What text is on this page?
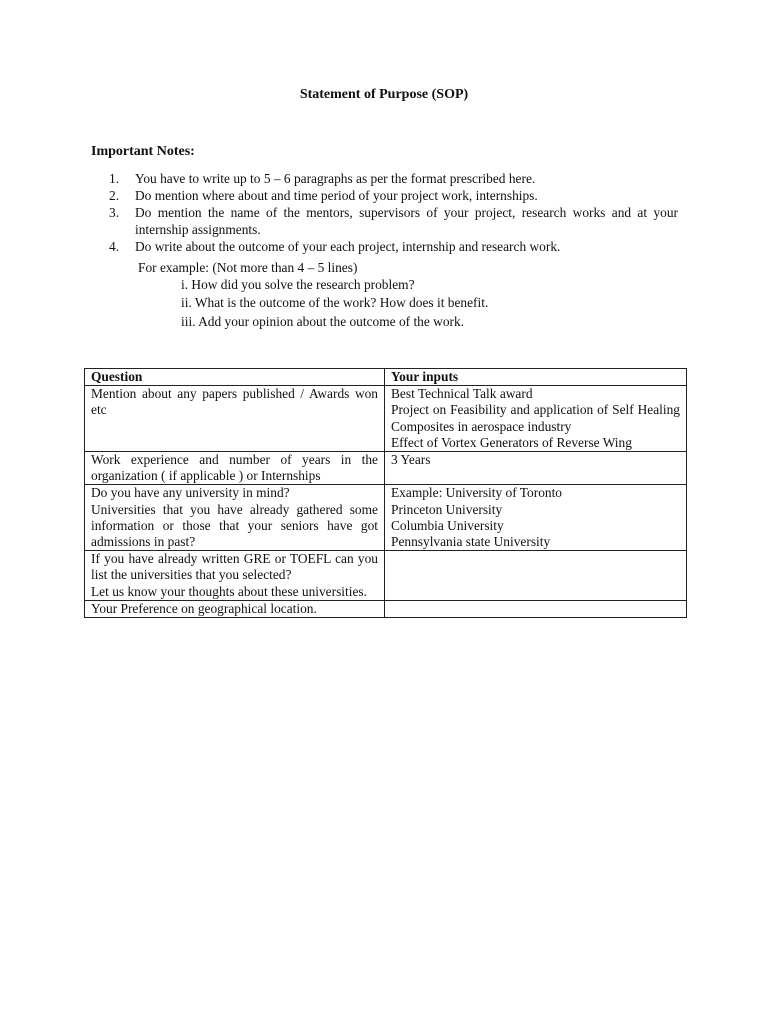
Statement of Purpose (SOP)
Important Notes:
1.	You have to write up to 5 – 6 paragraphs as per the format prescribed here.
2.	Do mention where about and time period of your project work, internships.
3.	Do mention the name of the mentors, supervisors of your project, research works and at your internship assignments.
4.	Do write about the outcome of your each project, internship and research work.
For example: (Not more than 4 – 5 lines)
i. How did you solve the research problem?
ii. What is the outcome of the work? How does it benefit.
iii. Add your opinion about the outcome of the work.
Question	Your inputs

Mention about any papers published / Awards won etc	Best Technical Talk award
Project on Feasibility and application of Self Healing Composites in aerospace industry
Effect of Vortex Generators of Reverse Wing

Work experience and number of years in the organization ( if applicable ) or Internships	3 Years

Do you have any university in mind?
Universities that you have already gathered some information or those that your seniors have got admissions in past?	Example: University of Toronto
Princeton University
Columbia University
Pennsylvania state University

If you have already written GRE or TOEFL can you list the universities that you selected?
Let us know your thoughts about these universities.	

Your Preference on geographical location.	
